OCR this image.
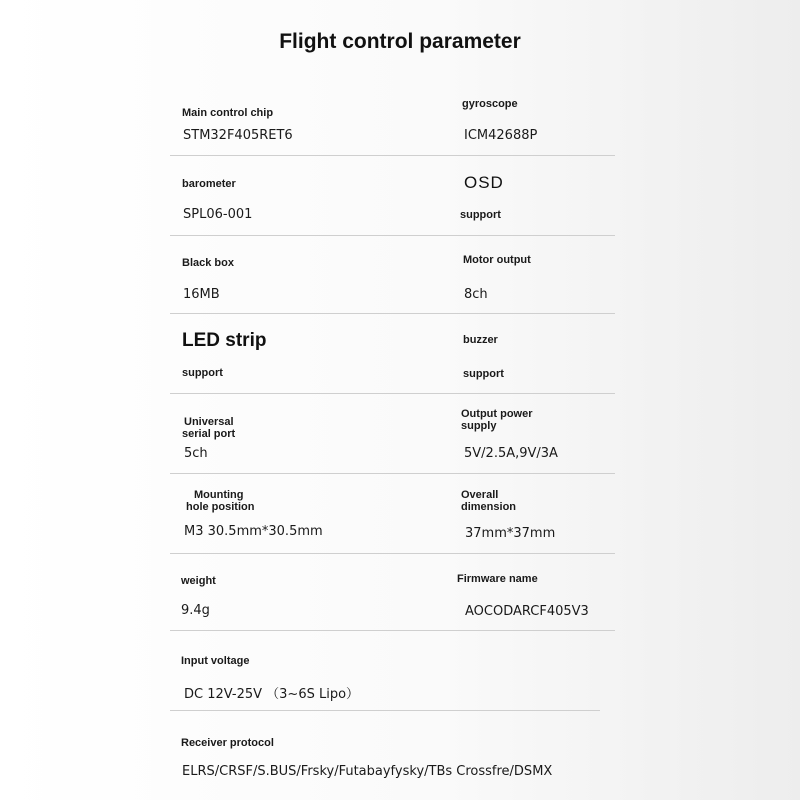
Flight control parameter
Main control chip
STM32F405RET6
gyroscope
ICM42688P
barometer
SPL06-001
OSD
support
Black box
16MB
Motor output
8ch
LED strip
support
buzzer
support
Universal
serial port
5ch
Output power
supply
5V/2.5A,9V/3A
Mounting
hole position
M3 30.5mm*30.5mm
Overall
dimension
37mm*37mm
weight
9.4g
Firmware name
AOCODARCF405V3
Input voltage
DC 12V-25V （3~6S Lipo）
Receiver protocol
ELRS/CRSF/S.BUS/Frsky/Futabayfysky/TBs Crossfre/DSMX
